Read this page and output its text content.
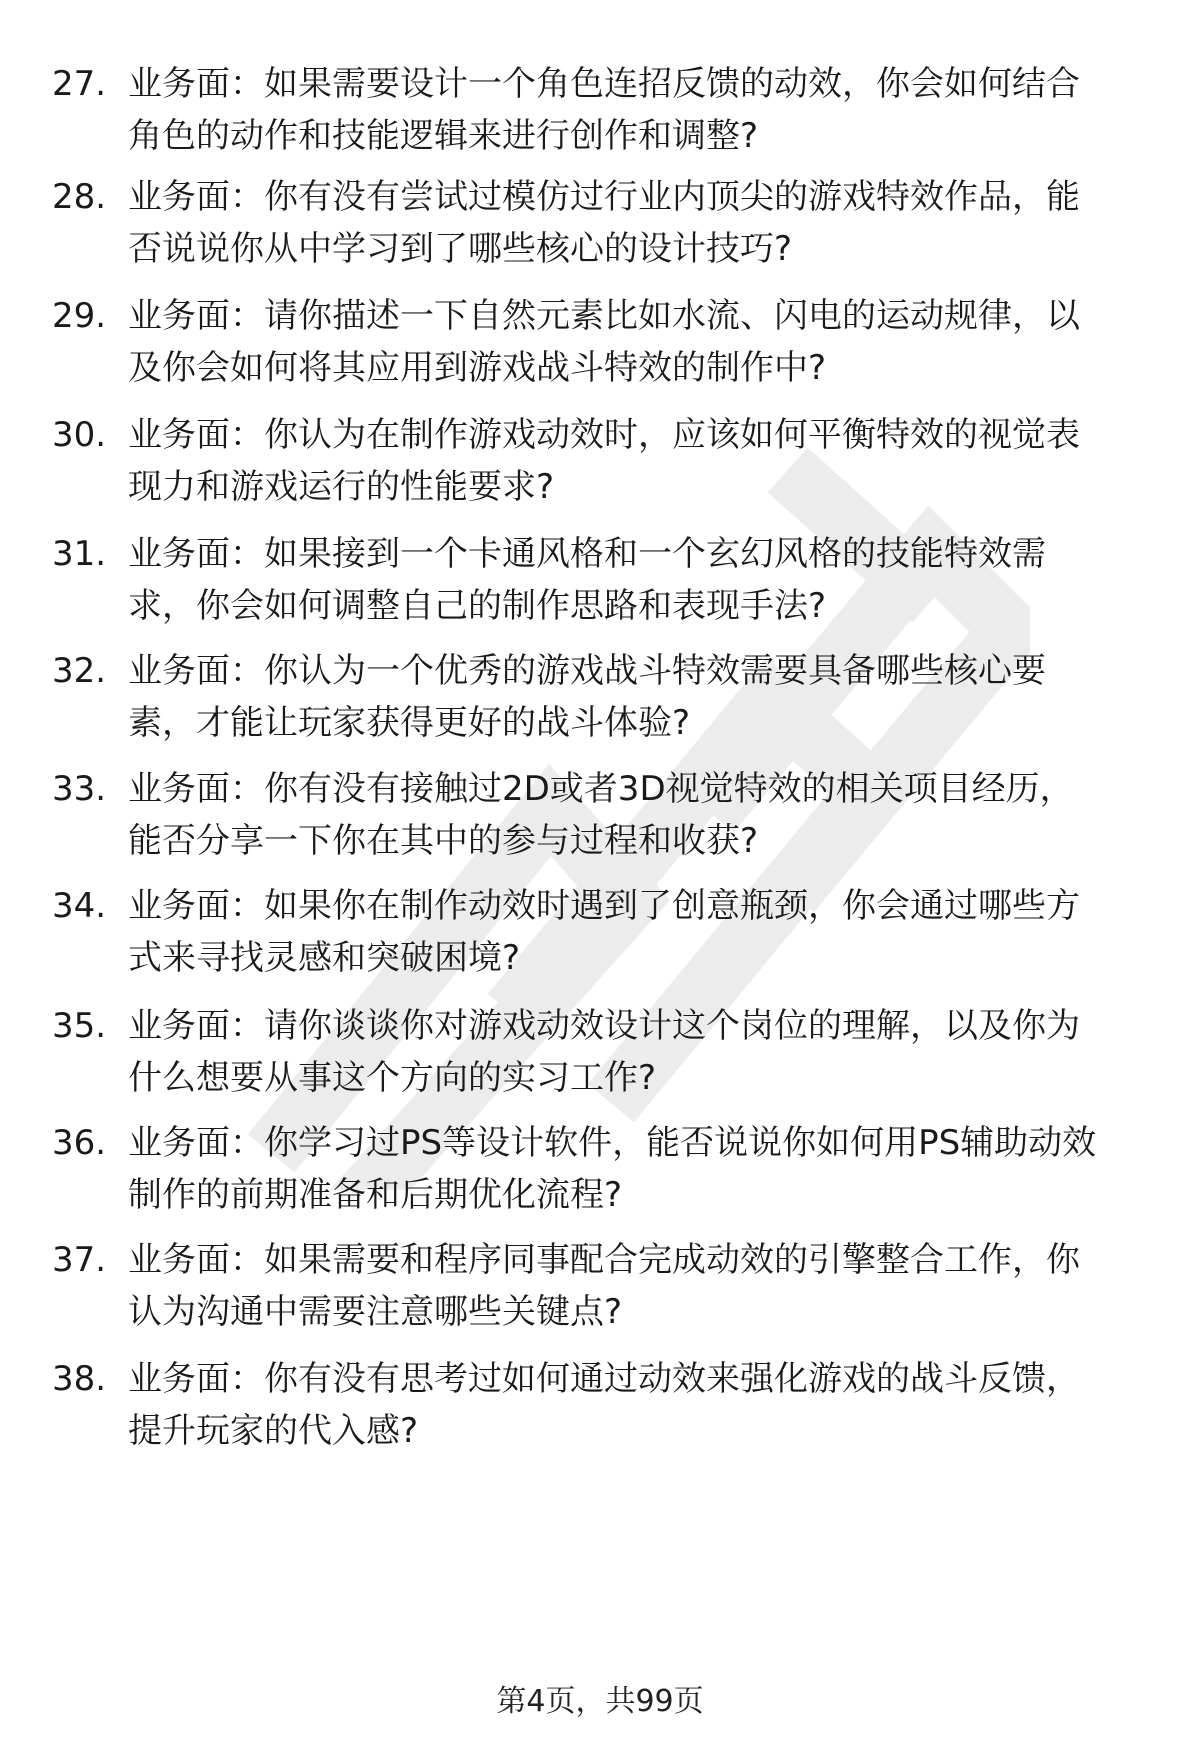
27. 业务面：如果需要设计一个角色连招反馈的动效，你会如何结合
角色的动作和技能逻辑来进行创作和调整?
28. 业务面：你有没有尝试过模仿过行业内顶尖的游戏特效作品，能
否说说你从中学习到了哪些核心的设计技巧?
29. 业务面：请你描述一下自然元素比如水流、闪电的运动规律，以
及你会如何将其应用到游戏战斗特效的制作中?
30. 业务面：你认为在制作游戏动效时，应该如何平衡特效的视觉表
现力和游戏运行的性能要求?
31. 业务面：如果接到一个卡通风格和一个玄幻风格的技能特效需
求，你会如何调整自己的制作思路和表现手法?
32. 业务面：你认为一个优秀的游戏战斗特效需要具备哪些核心要
素，才能让玩家获得更好的战斗体验?
33. 业务面：你有没有接触过2D或者3D视觉特效的相关项目经历，
能否分享一下你在其中的参与过程和收获?
34. 业务面：如果你在制作动效时遇到了创意瓶颈，你会通过哪些方
式来寻找灵感和突破困境?
35. 业务面：请你谈谈你对游戏动效设计这个岗位的理解，以及你为
什么想要从事这个方向的实习工作?
36. 业务面：你学习过PS等设计软件，能否说说你如何用PS辅助动效
制作的前期准备和后期优化流程?
37. 业务面：如果需要和程序同事配合完成动效的引擎整合工作，你
认为沟通中需要注意哪些关键点?
38. 业务面：你有没有思考过如何通过动效来强化游戏的战斗反馈，
提升玩家的代入感?
第4页，共99页
